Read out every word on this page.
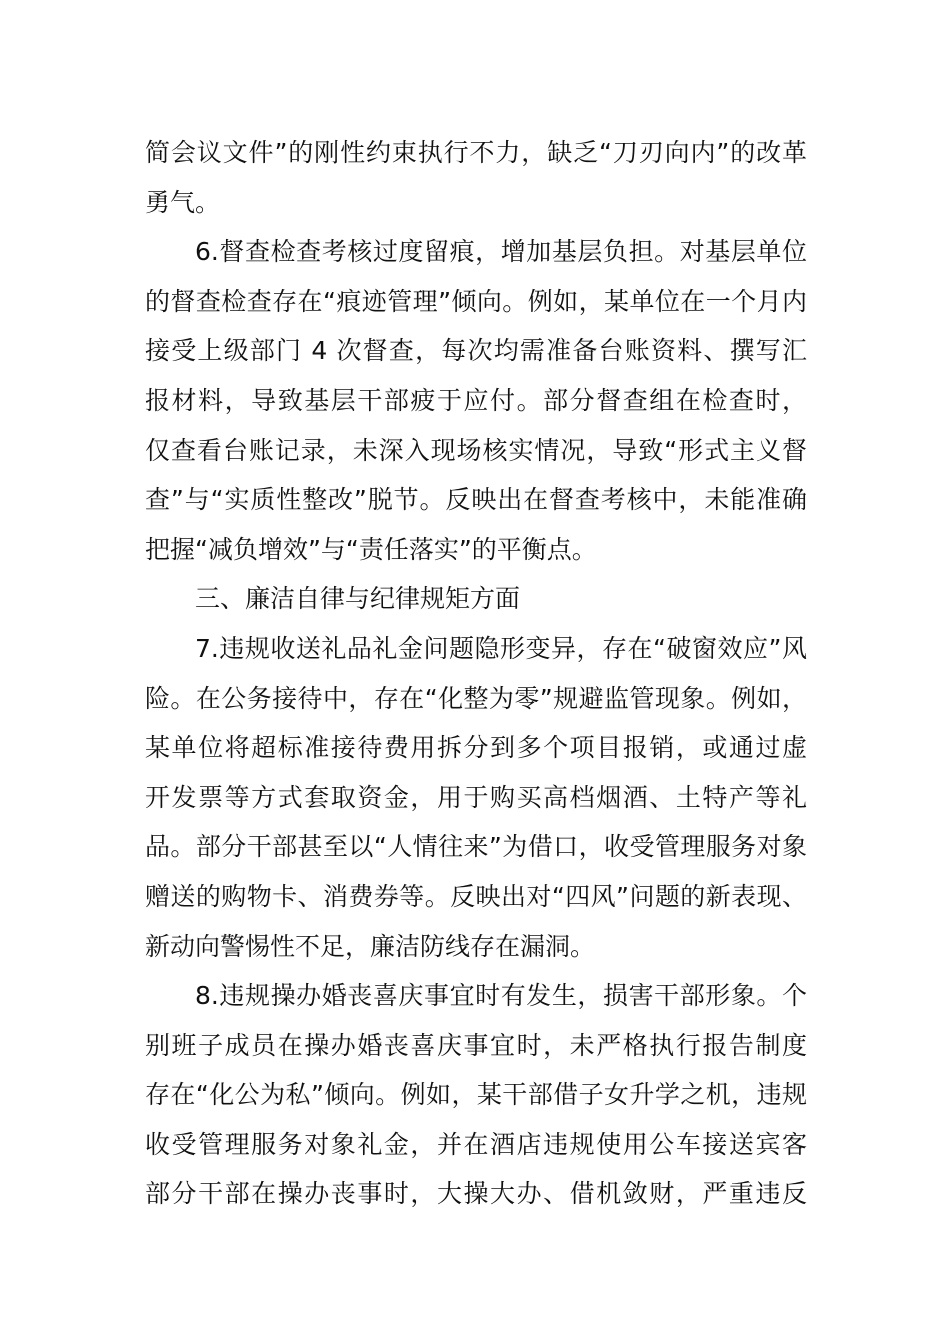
简会议文件”的刚性约束执行不力，缺乏“刀刃向内”的改革
勇气。
6.督查检查考核过度留痕，增加基层负担。对基层单位
的督查检查存在“痕迹管理”倾向。例如，某单位在一个月内
接受上级部门 4 次督查，每次均需准备台账资料、撰写汇
报材料，导致基层干部疲于应付。部分督查组在检查时，
仅查看台账记录，未深入现场核实情况，导致“形式主义督
查”与“实质性整改”脱节。反映出在督查考核中，未能准确
把握“减负增效”与“责任落实”的平衡点。
三、廉洁自律与纪律规矩方面
7.违规收送礼品礼金问题隐形变异，存在“破窗效应”风
险。在公务接待中，存在“化整为零”规避监管现象。例如，
某单位将超标准接待费用拆分到多个项目报销，或通过虚
开发票等方式套取资金，用于购买高档烟酒、土特产等礼
品。部分干部甚至以“人情往来”为借口，收受管理服务对象
赠送的购物卡、消费券等。反映出对“四风”问题的新表现、
新动向警惕性不足，廉洁防线存在漏洞。
8.违规操办婚丧喜庆事宜时有发生，损害干部形象。个
别班子成员在操办婚丧喜庆事宜时，未严格执行报告制度
存在“化公为私”倾向。例如，某干部借子女升学之机，违规
收受管理服务对象礼金，并在酒店违规使用公车接送宾客
部分干部在操办丧事时，大操大办、借机敛财，严重违反
